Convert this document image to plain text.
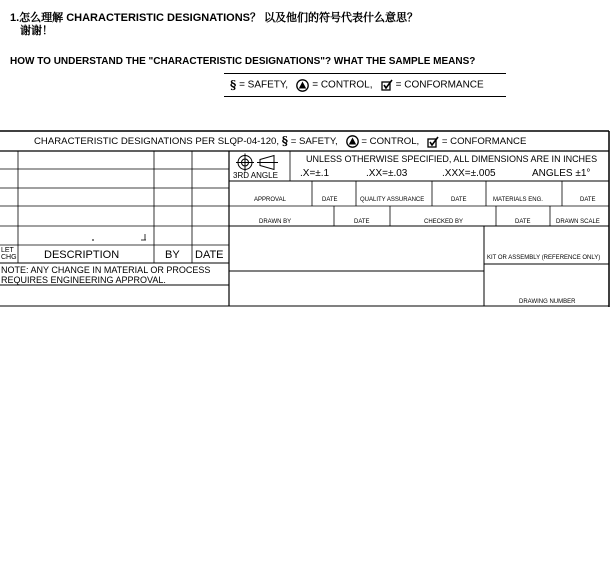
1.怎么理解 CHARACTERISTIC DESIGNATIONS？ 以及他们的符号代表什么意思？
谢谢！
HOW TO UNDERSTAND THE "CHARACTERISTIC DESIGNATIONS"? WHAT THE SAMPLE MEANS?
§ = SAFETY, = CONTROL, = CONFORMANCE
CHARACTERISTIC DESIGNATIONS PER SLQP-04-120, § = SAFETY, = CONTROL, = CONFORMANCE
3RD ANGLE
UNLESS OTHERWISE SPECIFIED, ALL DIMENSIONS ARE IN INCHES
.X=±.1	.XX=±.03	.XXX=±.005	ANGLES ±1°
APPROVAL	DATE	QUALITY ASSURANCE	DATE	MATERIALS ENG.	DATE
DRAWN BY	DATE	CHECKED BY	DATE	DRAWN SCALE
KIT OR ASSEMBLY (REFERENCE ONLY)
DRAWING NUMBER
LET
CHG DESCRIPTION	BY DATE
NOTE: ANY CHANGE IN MATERIAL OR PROCESS
REQUIRES ENGINEERING APPROVAL.
